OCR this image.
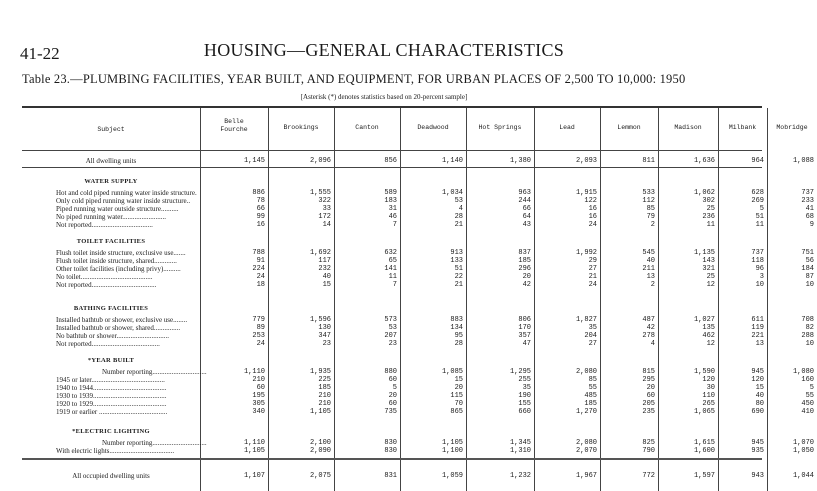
41-22	HOUSING—GENERAL CHARACTERISTICS
Table 23.—PLUMBING FACILITIES, YEAR BUILT, AND EQUIPMENT, FOR URBAN PLACES OF 2,500 TO 10,000: 1950
[Asterisk (*) denotes statistics based on 20-percent sample]
Subject
Belle Fourche	Brookings	Canton	Deadwood	Hot Springs	Lead	Lemmon	Madison	Milbank	Mobridge
All dwelling units	1,145	2,096	856	1,140	1,380	2,093	811	1,636	964	1,088
WATER SUPPLY
Hot and cold piped running water inside structure.	886	1,555	589	1,034	963	1,915	533	1,062	628	737
Only cold piped running water inside structure..	78	322	183	53	244	122	112	302	269	233
Piped running water outside structure..........	66	33	31	4	66	16	85	25	5	41
No piped running water.........................	99	172	46	28	64	16	79	236	51	68
Not reported...................................	16	14	7	21	43	24	2	11	11	9
TOILET FACILITIES
Flush toilet inside structure, exclusive use.......	788	1,692	632	913	837	1,992	545	1,135	737	751
Flush toilet inside structure, shared.............	91	117	65	133	185	29	40	143	118	56
Other toilet facilities (including privy)..........	224	232	141	51	296	27	211	321	96	184
No toilet.........................................	24	40	11	22	20	21	13	25	3	87
Not reported.....................................	18	15	7	21	42	24	2	12	10	10
BATHING FACILITIES
Installed bathtub or shower, exclusive use........	779	1,596	573	883	806	1,827	487	1,027	611	708
Installed bathtub or shower, shared...............	89	130	53	134	170	35	42	135	119	82
No bathtub or shower..............................	253	347	207	95	357	204	278	462	221	288
Not reported.......................................	24	23	23	28	47	27	4	12	13	10
*YEAR BUILT
Number reporting...............................	1,110	1,935	880	1,085	1,295	2,080	815	1,590	945	1,080
1945 or later..........................................	210	225	60	15	255	85	295	120	120	160
1940 to 1944..........................................	60	185	5	20	35	55	20	30	15	5
1930 to 1939..........................................	195	210	20	115	190	485	60	110	40	55
1920 to 1929..........................................	305	210	60	70	155	185	205	265	80	450
1919 or earlier .......................................	340	1,105	735	865	660	1,270	235	1,065	690	410
*ELECTRIC LIGHTING
Number reporting...............................	1,110	2,100	830	1,105	1,345	2,080	825	1,615	945	1,070
With electric lights.....................................	1,105	2,090	830	1,100	1,310	2,070	790	1,600	935	1,050
All occupied dwelling units	1,107	2,075	831	1,059	1,232	1,967	772	1,597	943	1,044
